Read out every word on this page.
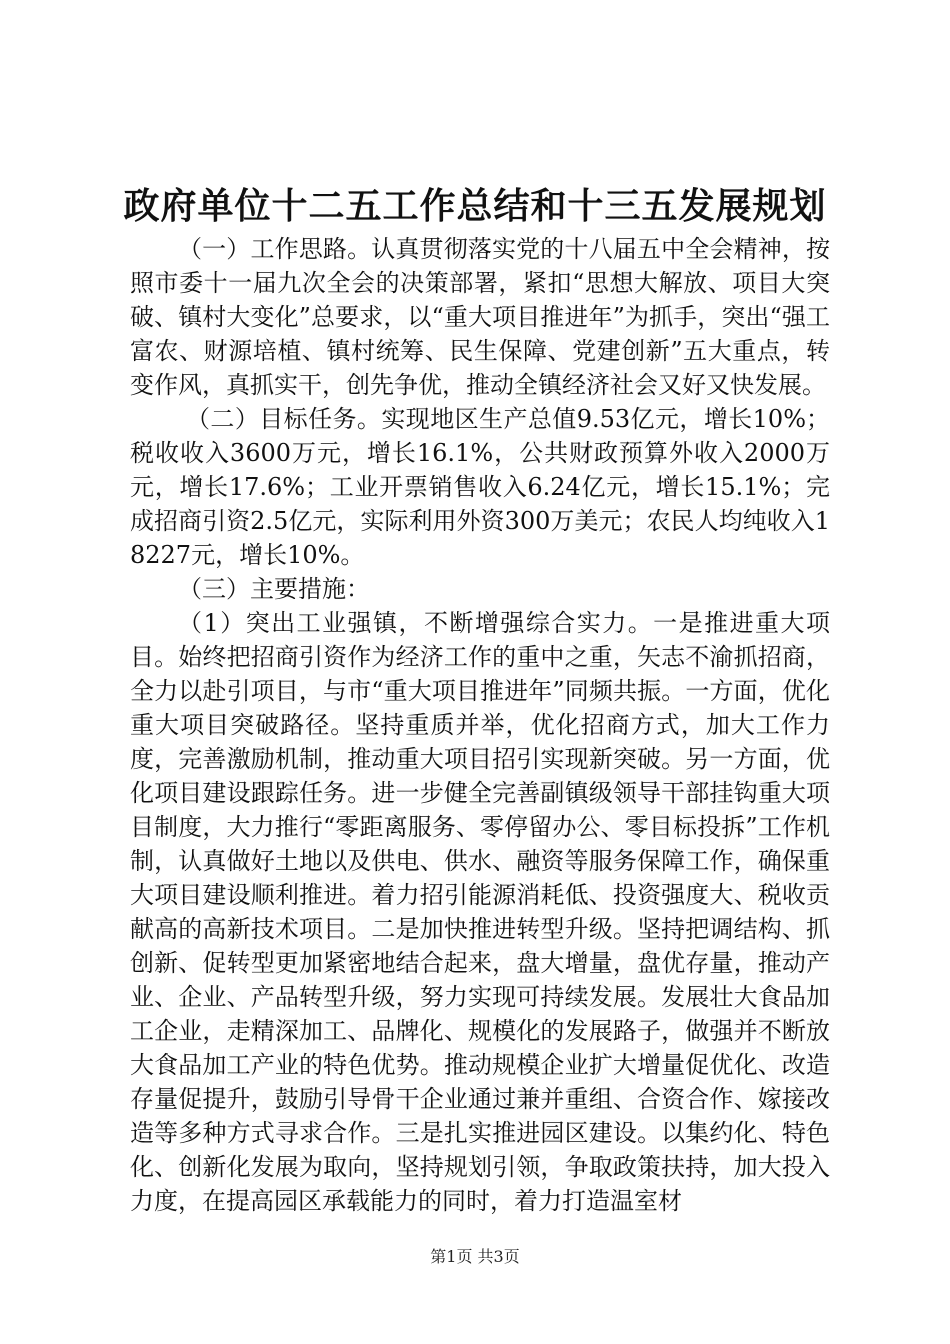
政府单位十二五工作总结和十三五发展规划

（一）工作思路。认真贯彻落实党的十八届五中全会精神，按照市委十一届九次全会的决策部署，紧扣“思想大解放、项目大突破、镇村大变化”总要求，以“重大项目推进年”为抓手，突出“强工富农、财源培植、镇村统筹、民生保障、党建创新”五大重点，转变作风，真抓实干，创先争优，推动全镇经济社会又好又快发展。

（二）目标任务。实现地区生产总值9.53亿元，增长10%；税收收入3600万元，增长16.1%，公共财政预算外收入2000万元，增长17.6%；工业开票销售收入6.24亿元，增长15.1%；完成招商引资2.5亿元，实际利用外资300万美元；农民人均纯收入18227元，增长10%。

（三）主要措施：

（1）突出工业强镇，不断增强综合实力。一是推进重大项目。始终把招商引资作为经济工作的重中之重，矢志不渝抓招商，全力以赴引项目，与市“重大项目推进年”同频共振。一方面，优化重大项目突破路径。坚持重质并举，优化招商方式，加大工作力度，完善激励机制，推动重大项目招引实现新突破。另一方面，优化项目建设跟踪任务。进一步健全完善副镇级领导干部挂钩重大项目制度，大力推行“零距离服务、零停留办公、零目标投拆”工作机制，认真做好土地以及供电、供水、融资等服务保障工作，确保重大项目建设顺利推进。着力招引能源消耗低、投资强度大、税收贡献高的高新技术项目。二是加快推进转型升级。坚持把调结构、抓创新、促转型更加紧密地结合起来，盘大增量，盘优存量，推动产业、企业、产品转型升级，努力实现可持续发展。发展壮大食品加工企业，走精深加工、品牌化、规模化的发展路子，做强并不断放大食品加工产业的特色优势。推动规模企业扩大增量促优化、改造存量促提升，鼓励引导骨干企业通过兼并重组、合资合作、嫁接改造等多种方式寻求合作。三是扎实推进园区建设。以集约化、特色化、创新化发展为取向，坚持规划引领，争取政策扶持，加大投入力度，在提高园区承载能力的同时，着力打造温室材

第1页 共3页
